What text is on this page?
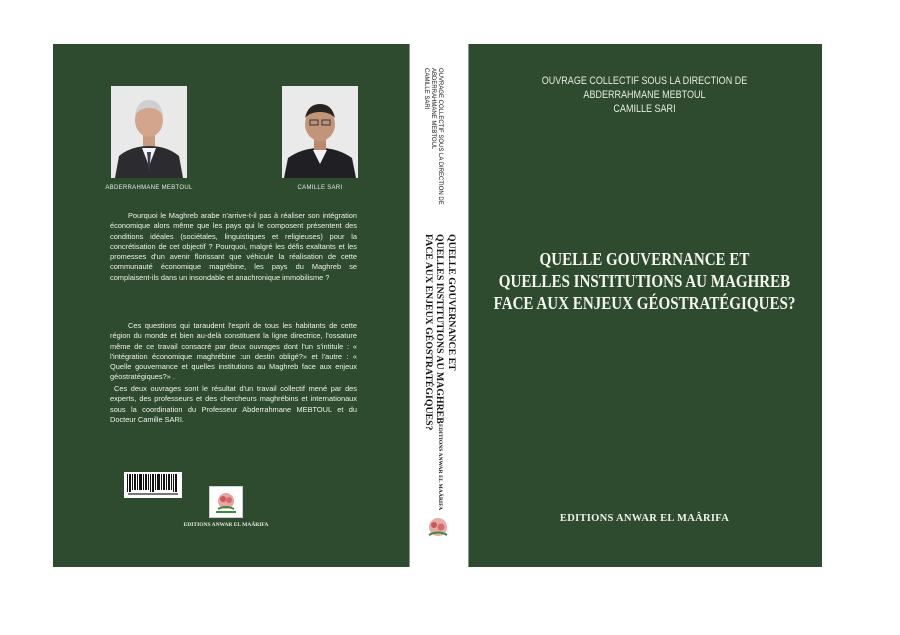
ABDERRAHMANE MEBTOUL	CAMILLE SARI

Pourquoi le Maghreb arabe n'arrive-t-il pas à réaliser son intégration économique alors même que les pays qui le composent présentent des conditions idéales (sociétales, linguistiques et religieuses) pour la concrétisation de cet objectif ? Pourquoi, malgré les défis exaltants et les promesses d'un avenir florissant que véhicule la réalisation de cette communauté économique magrébine, les pays du Maghreb se complaisent-ils dans un insondable et anachronique immobilisme ?

Ces questions qui taraudent l'esprit de tous les habitants de cette région du monde et bien au-delà constituent la ligne directrice, l'ossature même de ce travail consacré par deux ouvrages dont l'un s'intitule : « l'intégration économique maghrébine :un destin obligé?» et l'autre : « Quelle gouvernance et quelles institutions au Maghreb face aux enjeux géostratégiques?» .

Ces deux ouvrages sont le résultat d'un travail collectif mené par des experts, des professeurs et des chercheurs maghrébins et internationaux sous la coordination du Professeur Abderrahmane MEBTOUL et du Docteur Camille SARI.

EDITIONS ANWAR EL MAÂRIFA
OUVRAGE COLLECTIF SOUS LA DIRECTION DE
ABDERRAHMANE MEBTOUL
CAMILLE SARI
QUELLE GOUVERNANCE ET
QUELLES INSTITUTIONS AU MAGHREB
FACE AUX ENJEUX GÉOSTRATÉGIQUES?
EDITIONS ANWAR EL MAÂRIFA
OUVRAGE COLLECTIF SOUS LA DIRECTION DE
ABDERRAHMANE MEBTOUL
CAMILLE SARI
QUELLE GOUVERNANCE ET
QUELLES INSTITUTIONS AU MAGHREB
FACE AUX ENJEUX GÉOSTRATÉGIQUES?
EDITIONS ANWAR EL MAÂRIFA
